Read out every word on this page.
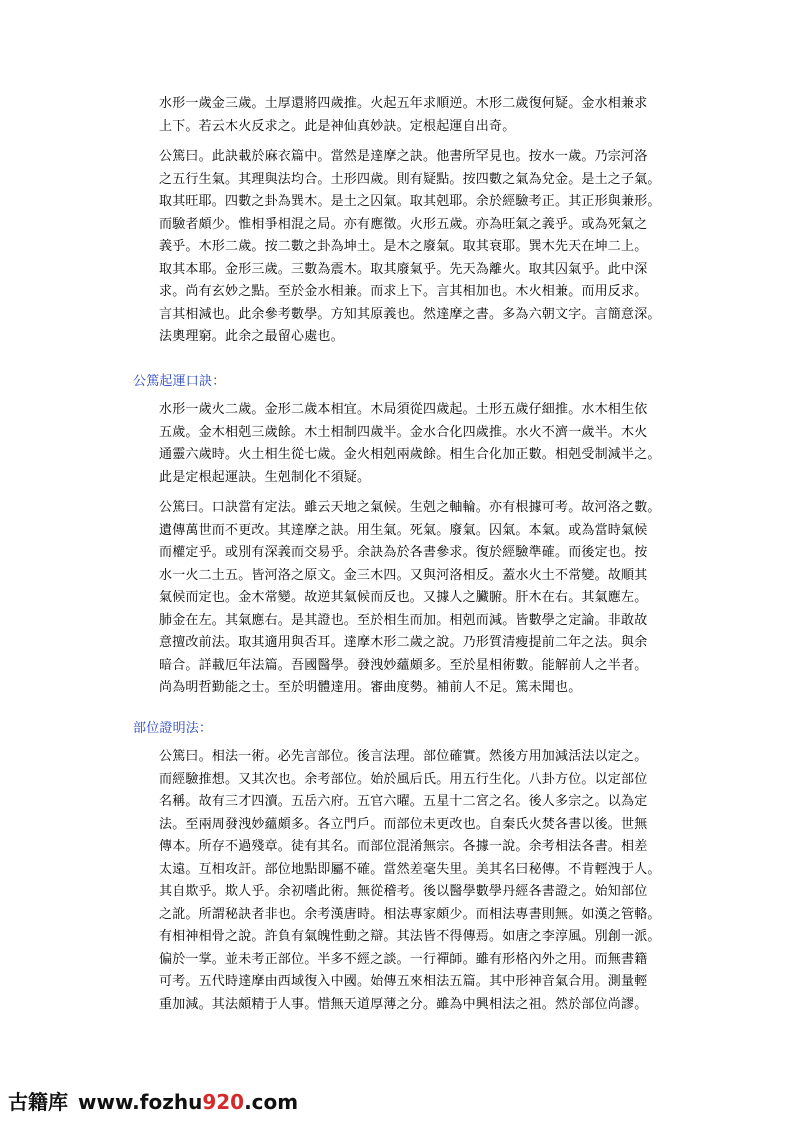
水形一歲金三歲。土厚還將四歲推。火起五年求順逆。木形二歲復何疑。金水相兼求
上下。若云木火反求之。此是神仙真妙訣。定根起運自出奇。
公篤曰。此訣載於麻衣篇中。當然是達摩之訣。他書所罕見也。按水一歲。乃宗河洛
之五行生氣。其理與法均合。土形四歲。則有疑點。按四數之氣為兌金。是土之子氣。
取其旺耶。四數之卦為巽木。是土之囚氣。取其剋耶。余於經驗考正。其正形與兼形。
而驗者頗少。惟相爭相混之局。亦有應徵。火形五歲。亦為旺氣之義乎。或為死氣之
義乎。木形二歲。按二數之卦為坤土。是木之廢氣。取其衰耶。巽木先天在坤二上。
取其本耶。金形三歲。三數為震木。取其廢氣乎。先天為離火。取其囚氣乎。此中深
求。尚有玄妙之點。至於金水相兼。而求上下。言其相加也。木火相兼。而用反求。
言其相減也。此余參考數學。方知其原義也。然達摩之書。多為六朝文字。言簡意深。
法奧理窮。此余之最留心處也。
公篤起運口訣：
水形一歲火二歲。金形二歲本相宜。木局須從四歲起。土形五歲仔細推。水木相生依
五歲。金木相剋三歲餘。木土相制四歲半。金水合化四歲推。水火不濟一歲半。木火
通靈六歲時。火土相生從七歲。金火相剋兩歲餘。相生合化加正數。相剋受制減半之。
此是定根起運訣。生剋制化不須疑。
公篤曰。口訣當有定法。雖云天地之氣候。生剋之軸輪。亦有根據可考。故河洛之數。
遺傳萬世而不更改。其達摩之訣。用生氣。死氣。廢氣。囚氣。本氣。或為當時氣候
而權定乎。或別有深義而交易乎。余訣為於各書參求。復於經驗準確。而後定也。按
水一火二土五。皆河洛之原文。金三木四。又與河洛相反。蓋水火土不常變。故順其
氣候而定也。金木常變。故逆其氣候而反也。又據人之臟腑。肝木在右。其氣應左。
肺金在左。其氣應右。是其證也。至於相生而加。相剋而減。皆數學之定論。非敢故
意擅改前法。取其適用與否耳。達摩木形二歲之說。乃形質清瘦提前二年之法。與余
暗合。詳載厄年法篇。吾國醫學。發洩妙蘊頗多。至於星相術數。能解前人之半者。
尚為明哲勤能之士。至於明體達用。審曲度勢。補前人不足。篤未聞也。
部位證明法：
公篤曰。相法一術。必先言部位。後言法理。部位確實。然後方用加減活法以定之。
而經驗推想。又其次也。余考部位。始於風后氏。用五行生化。八卦方位。以定部位
名稱。故有三才四瀆。五岳六府。五官六曜。五星十二宮之名。後人多宗之。以為定
法。至兩周發洩妙蘊頗多。各立門戶。而部位未更改也。自秦氏火焚各書以後。世無
傳本。所存不過殘章。徒有其名。而部位混淆無宗。各據一說。余考相法各書。相差
太遠。互相攻訐。部位地點即屬不確。當然差毫失里。美其名曰秘傳。不肯輕洩于人。
其自欺乎。欺人乎。余初嗜此術。無從稽考。後以醫學數學丹經各書證之。始知部位
之訛。所謂秘訣者非也。余考漢唐時。相法專家頗少。而相法專書則無。如漢之管輅。
有相神相骨之說。許負有氣魄性動之辯。其法皆不得傳焉。如唐之李淳風。別創一派。
偏於一掌。並未考正部位。半多不經之談。一行禪師。雖有形格內外之用。而無書籍
可考。五代時達摩由西域復入中國。始傳五來相法五篇。其中形神音氣合用。測量輕
重加減。其法頗精于人事。惜無天道厚薄之分。雖為中興相法之祖。然於部位尚謬。
古籍库 www.fozhu920.com
